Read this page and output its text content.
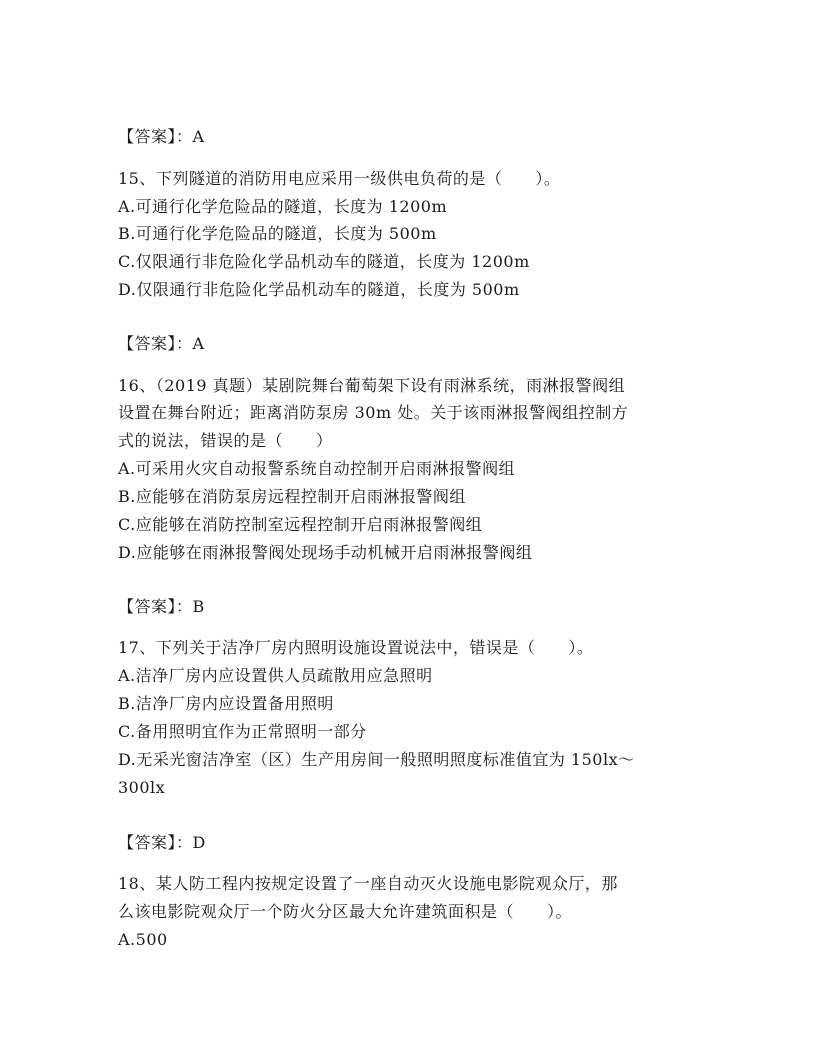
【答案】：A
15、下列隧道的消防用电应采用一级供电负荷的是（　　）。
A.可通行化学危险品的隧道，长度为 1200m
B.可通行化学危险品的隧道，长度为 500m
C.仅限通行非危险化学品机动车的隧道，长度为 1200m
D.仅限通行非危险化学品机动车的隧道，长度为 500m
【答案】：A
16、（2019 真题）某剧院舞台葡萄架下设有雨淋系统，雨淋报警阀组
设置在舞台附近；距离消防泵房 30m 处。关于该雨淋报警阀组控制方
式的说法，错误的是（　　）
A.可采用火灾自动报警系统自动控制开启雨淋报警阀组
B.应能够在消防泵房远程控制开启雨淋报警阀组
C.应能够在消防控制室远程控制开启雨淋报警阀组
D.应能够在雨淋报警阀处现场手动机械开启雨淋报警阀组
【答案】：B
17、下列关于洁净厂房内照明设施设置说法中，错误是（　　）。
A.洁净厂房内应设置供人员疏散用应急照明
B.洁净厂房内应设置备用照明
C.备用照明宜作为正常照明一部分
D.无采光窗洁净室（区）生产用房间一般照明照度标准值宜为 150lx～
300lx
【答案】：D
18、某人防工程内按规定设置了一座自动灭火设施电影院观众厅，那
么该电影院观众厅一个防火分区最大允许建筑面积是（　　）。
A.500
